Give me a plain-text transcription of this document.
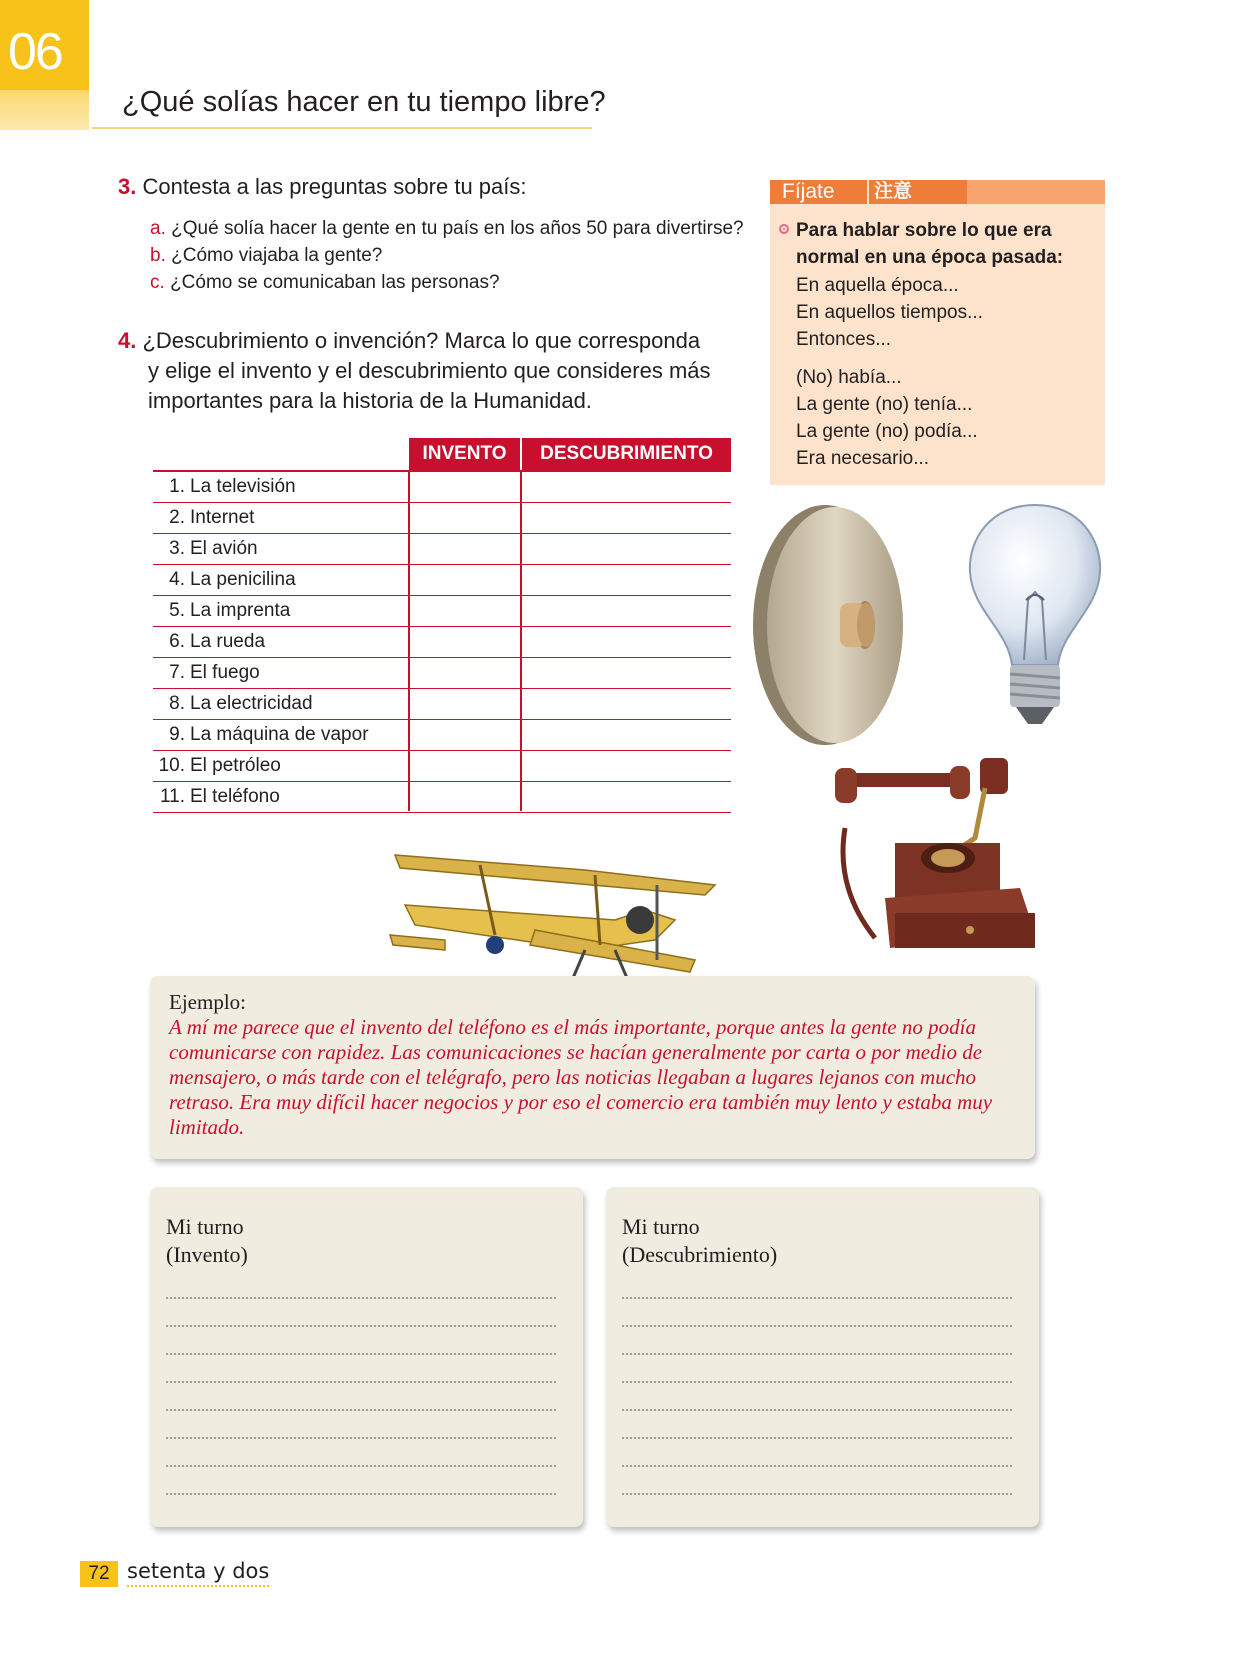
06
¿Qué solías hacer en tu tiempo libre?
3. Contesta a las preguntas sobre tu país:
a. ¿Qué solía hacer la gente en tu país en los años 50 para divertirse?
b. ¿Cómo viajaba la gente?
c. ¿Cómo se comunicaban las personas?
4. ¿Descubrimiento o invención? Marca lo que corresponda
y elige el invento y el descubrimiento que consideres más
importantes para la historia de la Humanidad.
INVENTO	DESCUBRIMIENTO
1. La televisión
2. Internet
3. El avión
4. La penicilina
5. La imprenta
6. La rueda
7. El fuego
8. La electricidad
9. La máquina de vapor
10. El petróleo
11. El teléfono
Fíjate 注意
Para hablar sobre lo que era normal en una época pasada:
En aquella época...
En aquellos tiempos...
Entonces...
(No) había...
La gente (no) tenía...
La gente (no) podía...
Era necesario...
Ejemplo:
A mí me parece que el invento del teléfono es el más importante, porque antes la gente no podía comunicarse con rapidez. Las comunicaciones se hacían generalmente por carta o por medio de mensajero, o más tarde con el telégrafo, pero las noticias llegaban a lugares lejanos con mucho retraso. Era muy difícil hacer negocios y por eso el comercio era también muy lento y estaba muy limitado.
Mi turno
(Invento)
Mi turno
(Descubrimiento)
72 setenta y dos
